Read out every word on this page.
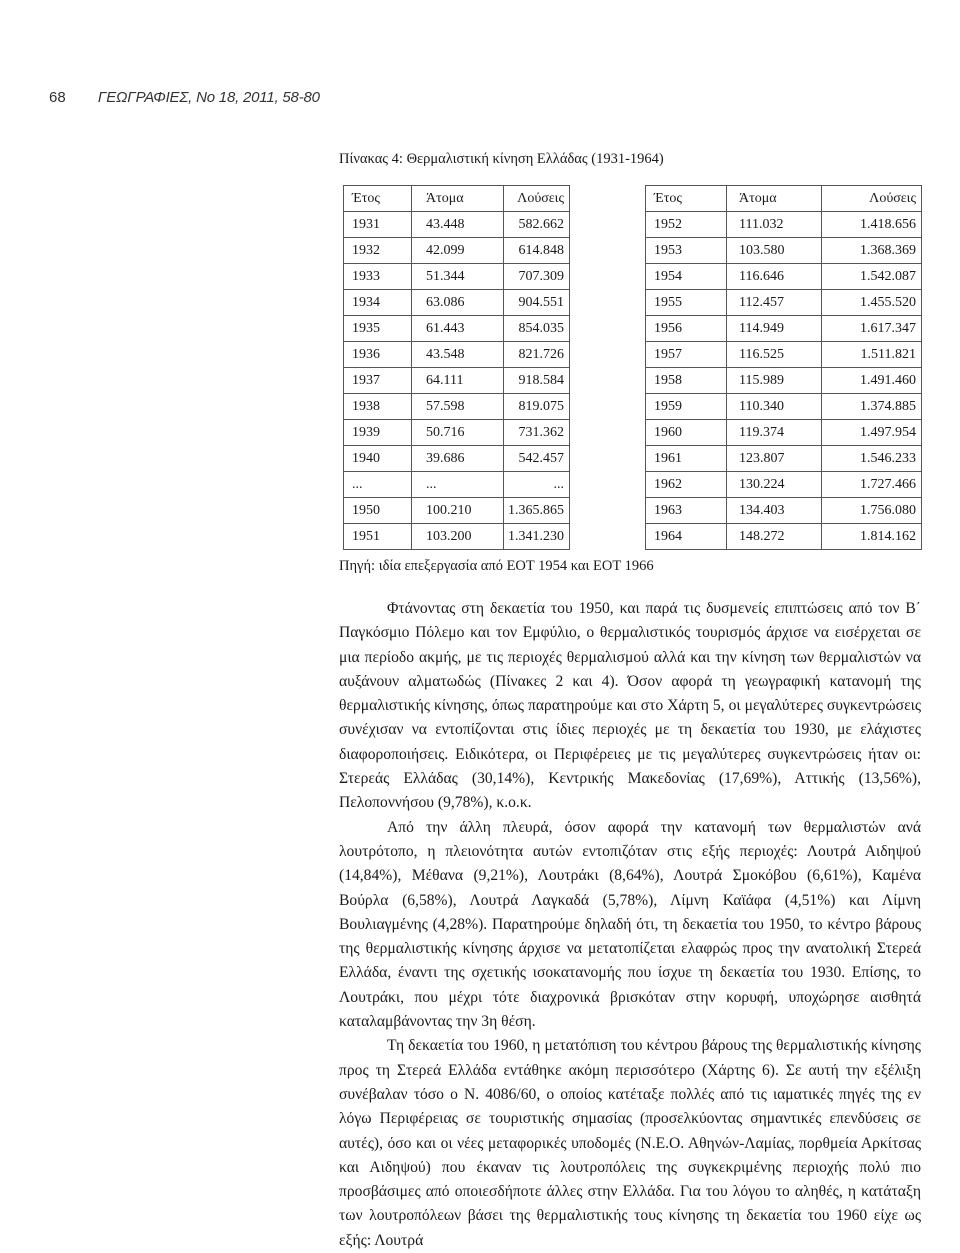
68 ΓΕΩΓΡΑΦΙΕΣ, Νο 18, 2011, 58-80
Πίνακας 4: Θερμαλιστική κίνηση Ελλάδας (1931-1964)
Έτος	Άτομα	Λούσεις
1931	43.448	582.662
1932	42.099	614.848
1933	51.344	707.309
1934	63.086	904.551
1935	61.443	854.035
1936	43.548	821.726
1937	64.111	918.584
1938	57.598	819.075
1939	50.716	731.362
1940	39.686	542.457
...	...	...
1950	100.210	1.365.865
1951	103.200	1.341.230
Έτος	Άτομα	Λούσεις
1952	111.032	1.418.656
1953	103.580	1.368.369
1954	116.646	1.542.087
1955	112.457	1.455.520
1956	114.949	1.617.347
1957	116.525	1.511.821
1958	115.989	1.491.460
1959	110.340	1.374.885
1960	119.374	1.497.954
1961	123.807	1.546.233
1962	130.224	1.727.466
1963	134.403	1.756.080
1964	148.272	1.814.162
Πηγή: ιδία επεξεργασία από ΕΟΤ 1954 και ΕΟΤ 1966

Φτάνοντας στη δεκαετία του 1950, και παρά τις δυσμενείς επιπτώσεις από τον Β΄ Παγκόσμιο Πόλεμο και τον Εμφύλιο, ο θερμαλιστικός τουρισμός άρχισε να εισέρχεται σε μια περίοδο ακμής, με τις περιοχές θερμαλισμού αλλά και την κίνηση των θερμαλιστών να αυξάνουν αλματωδώς (Πίνακες 2 και 4). Όσον αφορά τη γεωγραφική κατανομή της θερμαλιστικής κίνησης, όπως παρατηρούμε και στο Χάρτη 5, οι μεγαλύτερες συγκεντρώσεις συνέχισαν να εντοπίζονται στις ίδιες περιοχές με τη δεκαετία του 1930, με ελάχιστες διαφοροποιήσεις. Ειδικότερα, οι Περιφέρειες με τις μεγαλύτερες συγκεντρώσεις ήταν οι: Στερεάς Ελλάδας (30,14%), Κεντρικής Μακεδονίας (17,69%), Αττικής (13,56%), Πελοποννήσου (9,78%), κ.ο.κ.

Από την άλλη πλευρά, όσον αφορά την κατανομή των θερμαλιστών ανά λουτρότοπο, η πλειονότητα αυτών εντοπιζόταν στις εξής περιοχές: Λουτρά Αιδηψού (14,84%), Μέθανα (9,21%), Λουτράκι (8,64%), Λουτρά Σμοκόβου (6,61%), Καμένα Βούρλα (6,58%), Λουτρά Λαγκαδά (5,78%), Λίμνη Καϊάφα (4,51%) και Λίμνη Βουλιαγμένης (4,28%). Παρατηρούμε δηλαδή ότι, τη δεκαετία του 1950, το κέντρο βάρους της θερμαλιστικής κίνησης άρχισε να μετατοπίζεται ελαφρώς προς την ανατολική Στερεά Ελλάδα, έναντι της σχετικής ισοκατανομής που ίσχυε τη δεκαετία του 1930. Επίσης, το Λουτράκι, που μέχρι τότε διαχρονικά βρισκόταν στην κορυφή, υποχώρησε αισθητά καταλαμβάνοντας την 3η θέση.

Τη δεκαετία του 1960, η μετατόπιση του κέντρου βάρους της θερμαλιστικής κίνησης προς τη Στερεά Ελλάδα εντάθηκε ακόμη περισσότερο (Χάρτης 6). Σε αυτή την εξέλιξη συνέβαλαν τόσο ο Ν. 4086/60, ο οποίος κατέταξε πολλές από τις ιαματικές πηγές της εν λόγω Περιφέρειας σε τουριστικής σημασίας (προσελκύοντας σημαντικές επενδύσεις σε αυτές), όσο και οι νέες μεταφορικές υποδομές (Ν.Ε.Ο. Αθηνών-Λαμίας, πορθμεία Αρκίτσας και Αιδηψού) που έκαναν τις λουτροπόλεις της συγκεκριμένης περιοχής πολύ πιο προσβάσιμες από οποιεσδήποτε άλλες στην Ελλάδα. Για του λόγου το αληθές, η κατάταξη των λουτροπόλεων βάσει της θερμαλιστικής τους κίνησης τη δεκαετία του 1960 είχε ως εξής: Λουτρά
